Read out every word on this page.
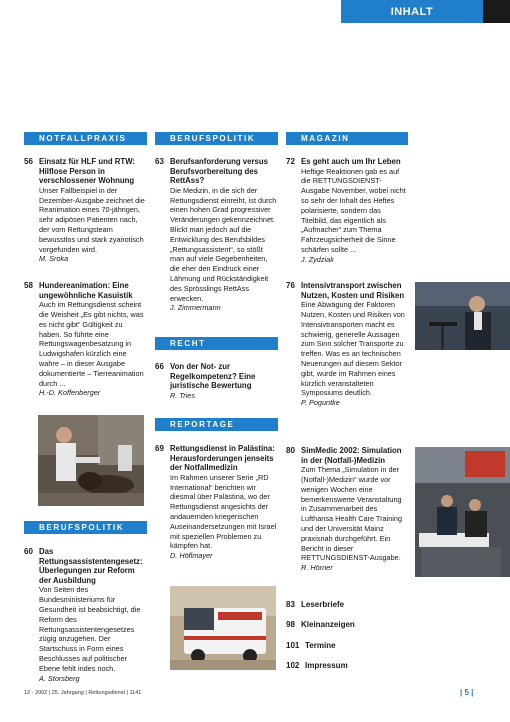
INHALT
NOTFALLPRAXIS
56 Einsatz für HLF und RTW: Hilflose Person in verschlossener Wohnung
Unser Fallbeispiel in der Dezember-Ausgabe zeichnet die Reanimation eines 70-jährigen, sehr adipösen Patienten nach, der vom Rettungsteam bewusstlos und stark zyanotisch vorgefunden wird.
M. Sroka
58 Hundereanimation: Eine ungewöhnliche Kasuistik
Auch im Rettungsdienst scheint die Weisheit „Es gibt nichts, was es nicht gibt“ Gültigkeit zu haben. So führte eine Rettungswagenbesatzung in Ludwigshafen kürzlich eine wahre – in dieser Ausgabe dokumentierte – Tierreanimation durch ...
H.-D. Koffenberger
BERUFSPOLITIK
60 Das Rettungsassistentengesetz: Überlegungen zur Reform der Ausbildung
Von Seiten des Bundesministeriums für Gesundheit ist beabsichtigt, die Reform des Rettungsassistentengesetzes zügig anzugehen. Der Startschuss in Form eines Beschlusses auf politischer Ebene fehlt indes noch.
A. Storsberg
BERUFSPOLITIK
63 Berufsanforderung versus Berufsvorbereitung des RettAss?
Die Medizin, in die sich der Rettungsdienst einreiht, ist durch einen hohen Grad progressiver Veränderungen gekennzeichnet. Blickt man jedoch auf die Entwicklung des Berufsbildes „Rettungsassistent“, so stößt man auf viele Gegebenheiten, die eher den Eindruck einer Lähmung und Rückständigkeit des Sprösslings RettAss erwecken.
J. Zimmermann
RECHT
66 Von der Not- zur Regelkompetenz? Eine juristische Bewertung
R. Tries
REPORTAGE
69 Rettungsdienst in Palästina: Herausforderungen jenseits der Notfallmedizin
Im Rahmen unserer Serie „RD International“ berichten wir diesmal über Palästina, wo der Rettungsdienst angesichts der andauernden kriegerischen Auseinandersetzungen mit Israel mit speziellen Problemen zu kämpfen hat.
D. Höflmayer
MAGAZIN
72 Es geht auch um Ihr Leben
Heftige Reaktionen gab es auf die RETTUNGSDIENST-Ausgabe November, wobei nicht so sehr der Inhalt des Heftes polarisierte, sondern das Titelbild, das eigentlich als „Aufmacher“ zum Thema Fahrzeugsicherheit die Sinne schärfen sollte ...
J. Zydziak
76 Intensivtransport zwischen Nutzen, Kosten und Risiken
Eine Abwägung der Faktoren Nutzen, Kosten und Risiken von Intensivtransporten macht es schwierig, generelle Aussagen zum Sinn solcher Transporte zu treffen. Was es an technischen Neuerungen auf diesem Sektor gibt, wurde im Rahmen eines kürzlich veranstalteten Symposiums deutlich.
P. Poguntke
80 SimMedic 2002: Simulation in der (Notfall-)Medizin
Zum Thema „Simulation in der (Notfall-)Medizin“ wurde vor wenigen Wochen eine bemerkenswerte Veranstaltung in Zusammenarbeit des Lufthansa Health Care Training und der Universität Mainz praxisnah durchgeführt. Ein Bericht in dieser RETTUNGSDIENST-Ausgabe.
R. Hörner
83 Leserbriefe
98 Kleinanzeigen
101 Termine
102 Impressum
12 · 2002 | 25. Jahrgang | Rettungsdienst | 1141	| 5 |
